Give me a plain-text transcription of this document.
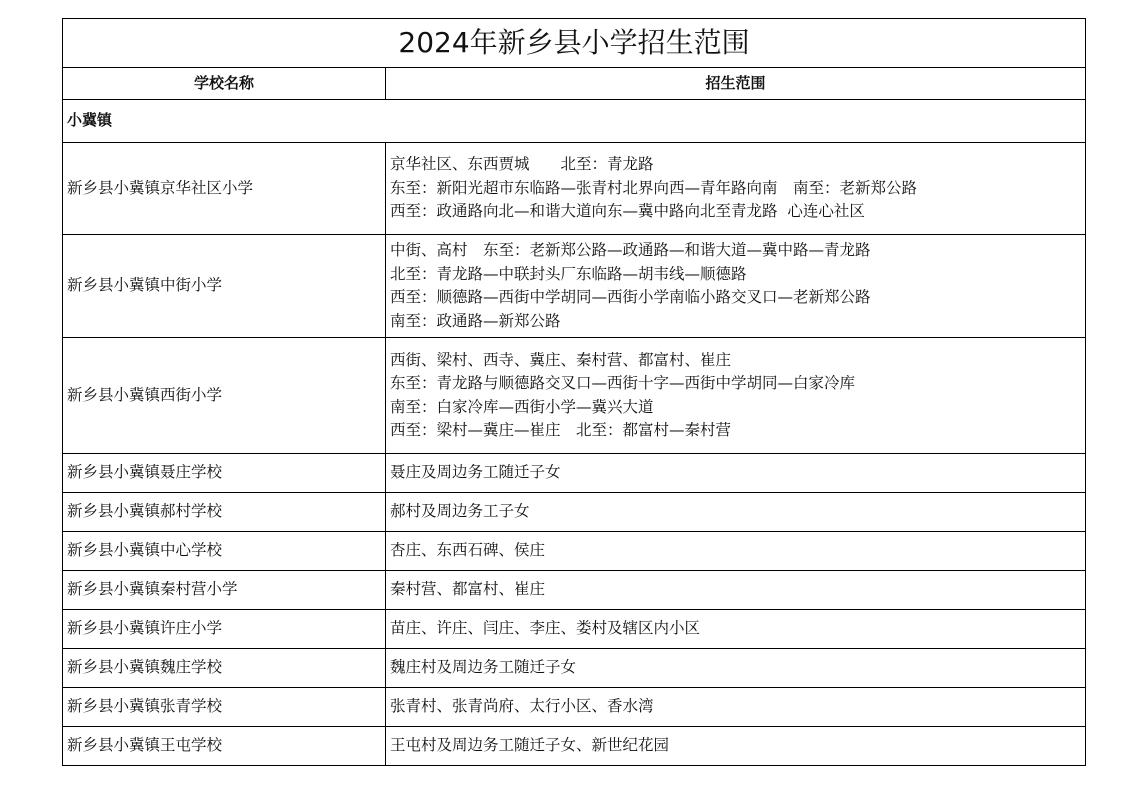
2024年新乡县小学招生范围	
学校名称	招生范围
小冀镇	
新乡县小冀镇京华社区小学	京华社区、东西贾城　　北至：青龙路
东至：新阳光超市东临路—张青村北界向西—青年路向南　南至：老新郑公路
西至：政通路向北—和谐大道向东—冀中路向北至青龙路  心连心社区

新乡县小冀镇中街小学	中街、高村　东至：老新郑公路—政通路—和谐大道—冀中路—青龙路
北至：青龙路—中联封头厂东临路—胡韦线—顺德路
西至：顺德路—西街中学胡同—西街小学南临小路交叉口—老新郑公路
南至：政通路—新郑公路

新乡县小冀镇西街小学	西街、梁村、西寺、冀庄、秦村营、都富村、崔庄
东至：青龙路与顺德路交叉口—西街十字—西街中学胡同—白家冷库
南至：白家冷库—西街小学—冀兴大道
西至：梁村—冀庄—崔庄　北至：都富村—秦村营

新乡县小冀镇聂庄学校	聂庄及周边务工随迁子女
新乡县小冀镇郝村学校	郝村及周边务工子女
新乡县小冀镇中心学校	杏庄、东西石碑、侯庄
新乡县小冀镇秦村营小学	秦村营、都富村、崔庄
新乡县小冀镇许庄小学	苗庄、许庄、闫庄、李庄、娄村及辖区内小区
新乡县小冀镇魏庄学校	魏庄村及周边务工随迁子女
新乡县小冀镇张青学校	张青村、张青尚府、太行小区、香水湾
新乡县小冀镇王屯学校	王屯村及周边务工随迁子女、新世纪花园
